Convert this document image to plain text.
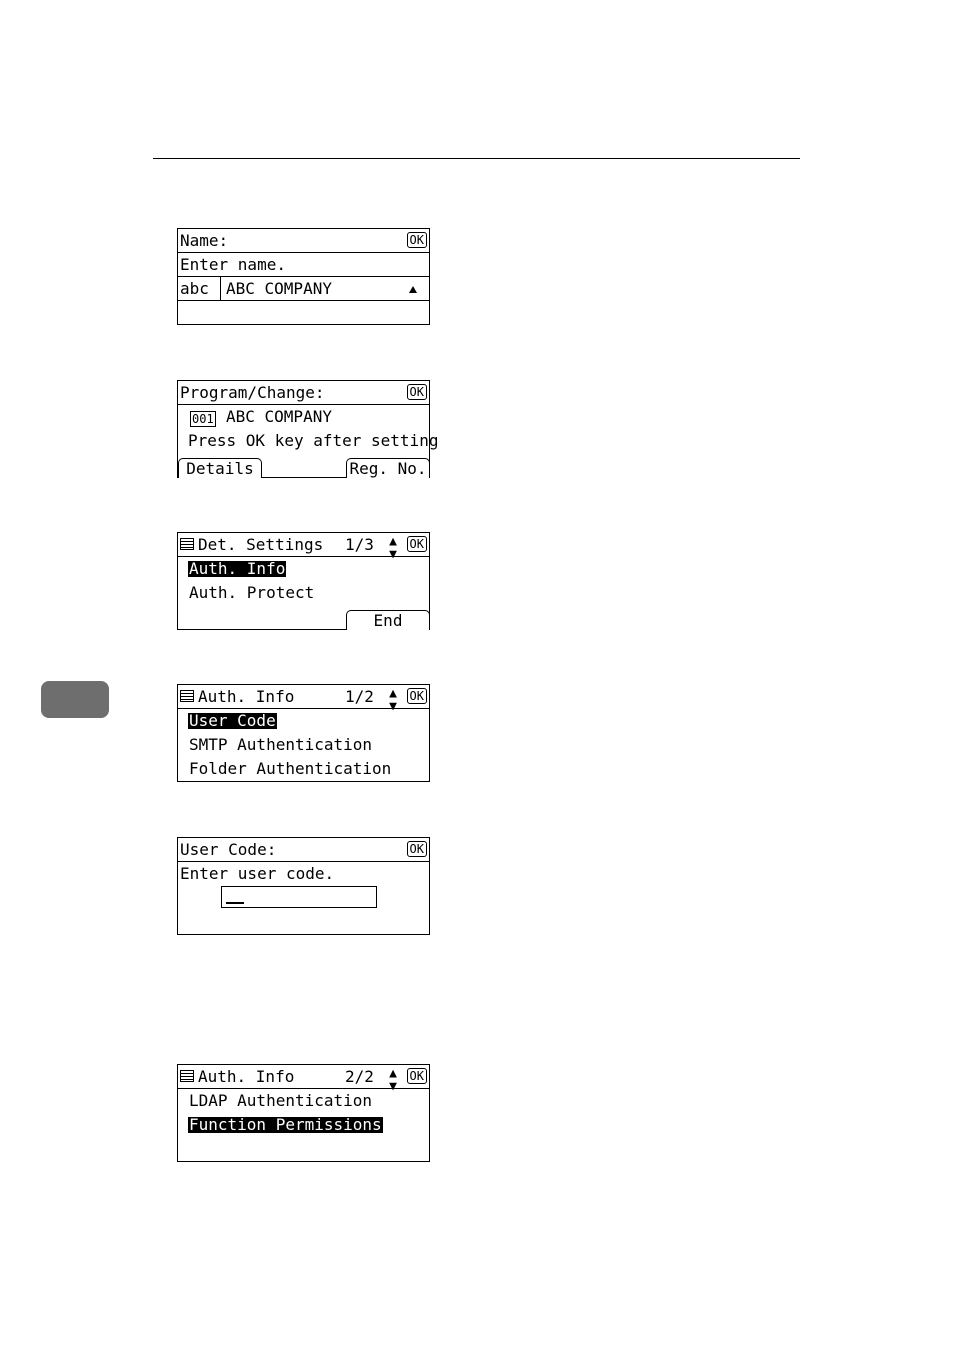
Name:	OK
Enter name.
abc ABC COMPANY
Program/Change:	OK
001 ABC COMPANY
Press OK key after setting
Details	Reg. No.
Det. Settings 1/3 ▲
▼
OK
Auth. Info
Auth. Protect
End
Auth. Info	1/2 ▲
▼
OK
User Code
SMTP Authentication
Folder Authentication
User Code:	OK
Enter user code.
Auth. Info	2/2 ▲
▼
OK
LDAP Authentication
Function Permissions
